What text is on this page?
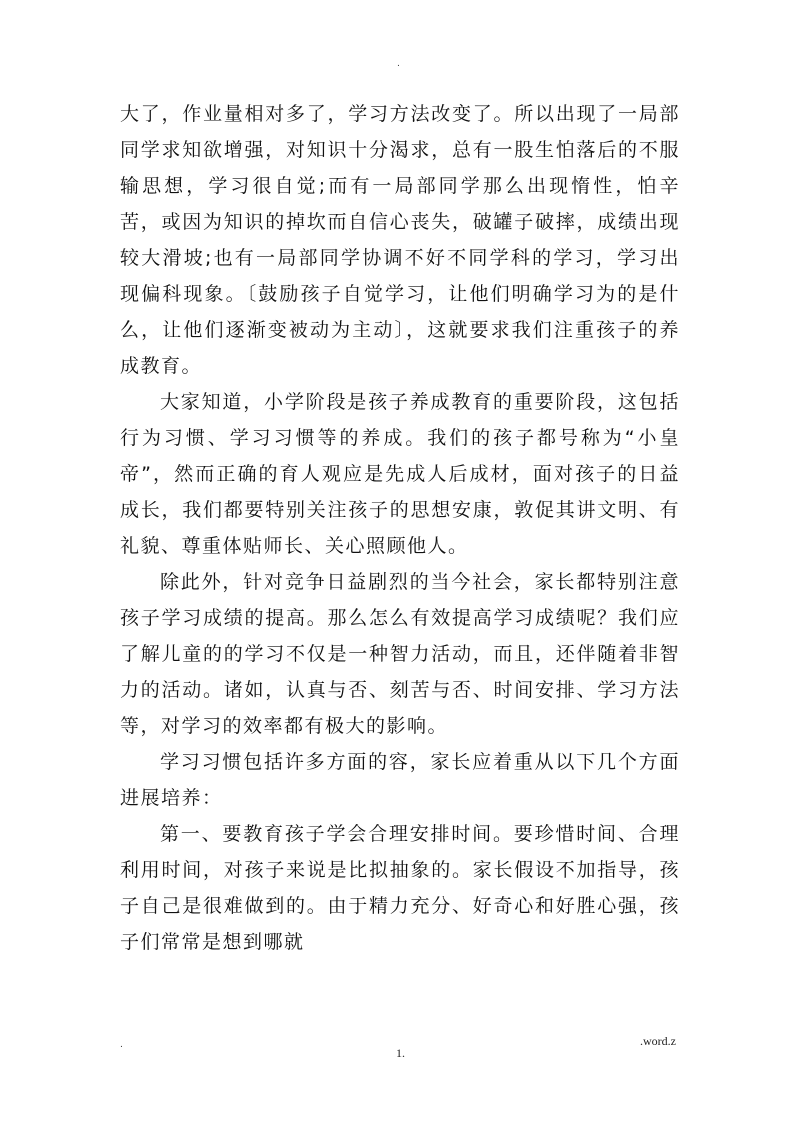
.

大了，作业量相对多了，学习方法改变了。所以出现了一局部同学求知欲增强，对知识十分渴求，总有一股生怕落后的不服输思想，学习很自觉;而有一局部同学那么出现惰性，怕辛苦，或因为知识的掉坎而自信心丧失，破罐子破摔，成绩出现较大滑坡;也有一局部同学协调不好不同学科的学习，学习出现偏科现象。〔鼓励孩子自觉学习，让他们明确学习为的是什么，让他们逐渐变被动为主动〕，这就要求我们注重孩子的养成教育。

大家知道，小学阶段是孩子养成教育的重要阶段，这包括行为习惯、学习习惯等的养成。我们的孩子都号称为“小皇帝”，然而正确的育人观应是先成人后成材，面对孩子的日益成长，我们都要特别关注孩子的思想安康，敦促其讲文明、有礼貌、尊重体贴师长、关心照顾他人。

除此外，针对竞争日益剧烈的当今社会，家长都特别注意孩子学习成绩的提高。那么怎么有效提高学习成绩呢？我们应了解儿童的的学习不仅是一种智力活动，而且，还伴随着非智力的活动。诸如，认真与否、刻苦与否、时间安排、学习方法等，对学习的效率都有极大的影响。

学习习惯包括许多方面的容，家长应着重从以下几个方面进展培养：

第一、要教育孩子学会合理安排时间。要珍惜时间、合理利用时间，对孩子来说是比拟抽象的。家长假设不加指导，孩子自己是很难做到的。由于精力充分、好奇心和好胜心强，孩子们常常是想到哪就

.	.word.z
1.
